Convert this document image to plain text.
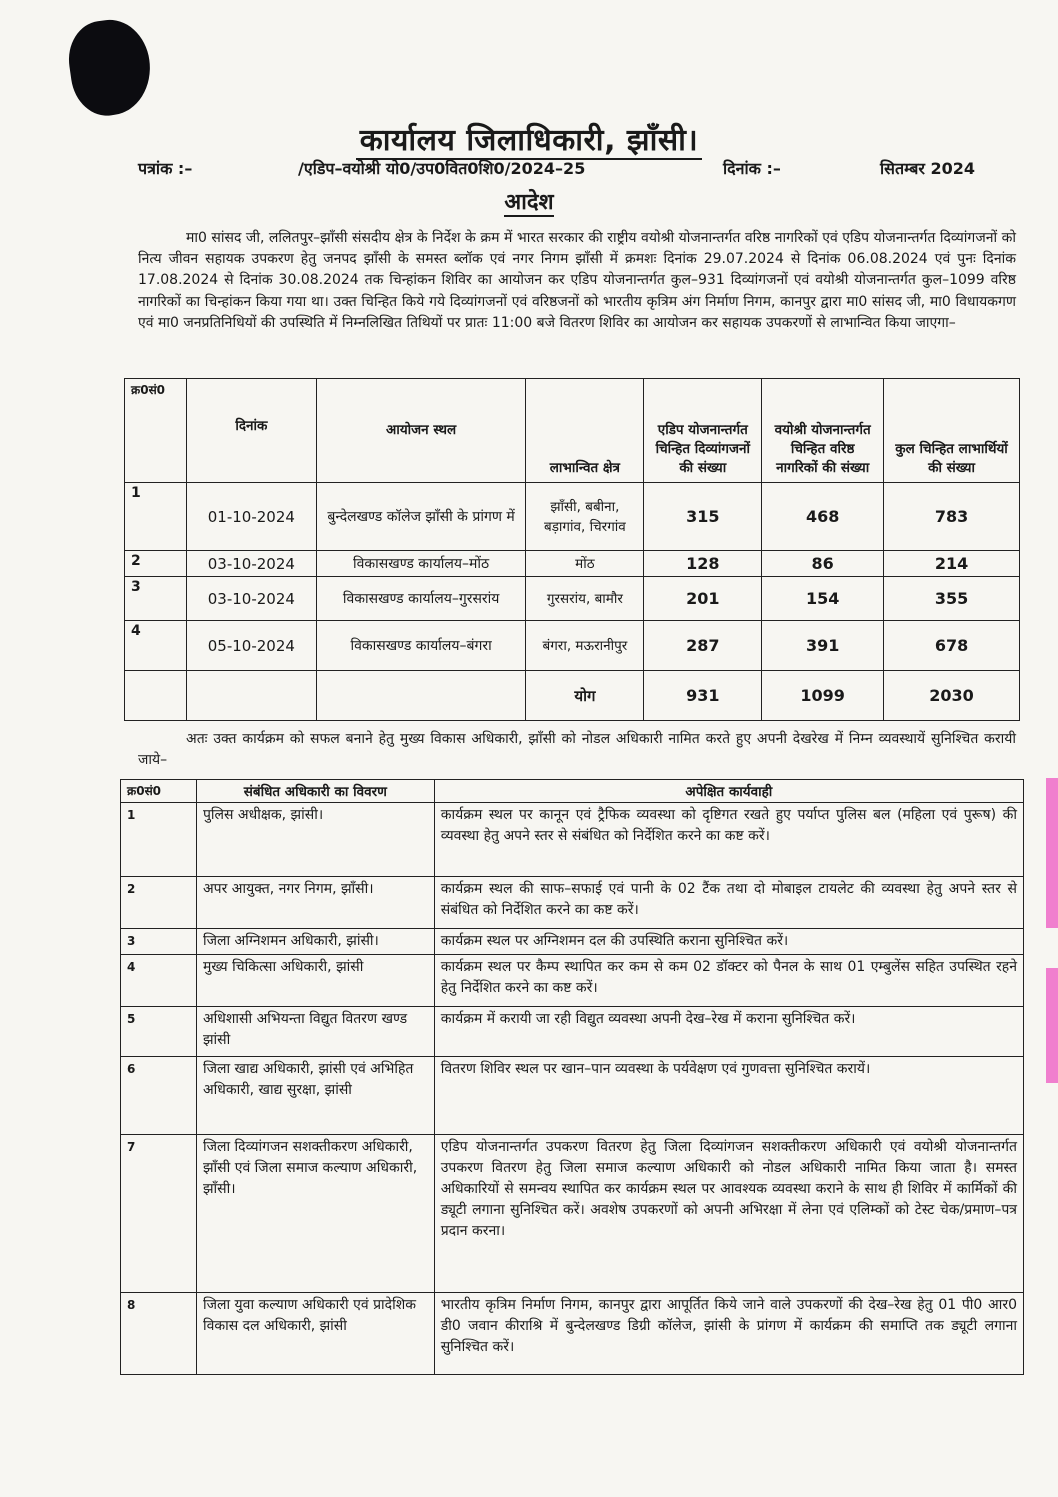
कार्यालय जिलाधिकारी, झाँसी।
पत्रांक :–	/एडिप–वयोश्री यो0/उप0वित0शि0/2024–25	दिनांक :–	सितम्बर 2024
आदेश

मा0 सांसद जी, ललितपुर–झाँसी संसदीय क्षेत्र के निर्देश के क्रम में भारत सरकार की राष्ट्रीय वयोश्री योजनान्तर्गत वरिष्ठ नागरिकों एवं एडिप योजनान्तर्गत दिव्यांगजनों को नित्य जीवन सहायक उपकरण हेतु जनपद झाँसी के समस्त ब्लॉक एवं नगर निगम झाँसी में क्रमशः दिनांक 29.07.2024 से दिनांक 06.08.2024 एवं पुनः दिनांक 17.08.2024 से दिनांक 30.08.2024 तक चिन्हांकन शिविर का आयोजन कर एडिप योजनान्तर्गत कुल–931 दिव्यांगजनों एवं वयोश्री योजनान्तर्गत कुल–1099 वरिष्ठ नागरिकों का चिन्हांकन किया गया था। उक्त चिन्हित किये गये दिव्यांगजनों एवं वरिष्ठजनों को भारतीय कृत्रिम अंग निर्माण निगम, कानपुर द्वारा मा0 सांसद जी, मा0 विधायकगण एवं मा0 जनप्रतिनिधियों की उपस्थिति में निम्नलिखित तिथियों पर प्रातः 11:00 बजे वितरण शिविर का आयोजन कर सहायक उपकरणों से लाभान्वित किया जाएगा–

क्र0सं0	दिनांक	आयोजन स्थल	लाभान्वित क्षेत्र	एडिप योजनान्तर्गत चिन्हित दिव्यांगजनों की संख्या	वयोश्री योजनान्तर्गत चिन्हित वरिष्ठ नागरिकों की संख्या	कुल चिन्हित लाभार्थियों की संख्या
1	01-10-2024	बुन्देलखण्ड कॉलेज झाँसी के प्रांगण में	झाँसी, बबीना, बड़ागांव, चिरगांव	315	468	783
2	03-10-2024	विकासखण्ड कार्यालय–मोंठ	मोंठ	128	86	214
3	03-10-2024	विकासखण्ड कार्यालय–गुरसरांय	गुरसरांय, बामौर	201	154	355
4	05-10-2024	विकासखण्ड कार्यालय–बंगरा	बंगरा, मऊरानीपुर	287	391	678
			योग	931	1099	2030

अतः उक्त कार्यक्रम को सफल बनाने हेतु मुख्य विकास अधिकारी, झाँसी को नोडल अधिकारी नामित करते हुए अपनी देखरेख में निम्न व्यवस्थायें सुनिश्चित करायी जाये–

क्र0सं0	संबंधित अधिकारी का विवरण	अपेक्षित कार्यवाही
1	पुलिस अधीक्षक, झांसी।	कार्यक्रम स्थल पर कानून एवं ट्रैफिक व्यवस्था को दृष्टिगत रखते हुए पर्याप्त पुलिस बल (महिला एवं पुरूष) की व्यवस्था हेतु अपने स्तर से संबंधित को निर्देशित करने का कष्ट करें।
2	अपर आयुक्त, नगर निगम, झाँसी।	कार्यक्रम स्थल की साफ–सफाई एवं पानी के 02 टैंक तथा दो मोबाइल टायलेट की व्यवस्था हेतु अपने स्तर से संबंधित को निर्देशित करने का कष्ट करें।
3	जिला अग्निशमन अधिकारी, झांसी।	कार्यक्रम स्थल पर अग्निशमन दल की उपस्थिति कराना सुनिश्चित करें।
4	मुख्य चिकित्सा अधिकारी, झांसी	कार्यक्रम स्थल पर कैम्प स्थापित कर कम से कम 02 डॉक्टर को पैनल के साथ 01 एम्बुलेंस सहित उपस्थित रहने हेतु निर्देशित करने का कष्ट करें।
5	अधिशासी अभियन्ता विद्युत वितरण खण्ड झांसी	कार्यक्रम में करायी जा रही विद्युत व्यवस्था अपनी देख–रेख में कराना सुनिश्चित करें।
6	जिला खाद्य अधिकारी, झांसी एवं अभिहित अधिकारी, खाद्य सुरक्षा, झांसी	वितरण शिविर स्थल पर खान–पान व्यवस्था के पर्यवेक्षण एवं गुणवत्ता सुनिश्चित करायें।
7	जिला दिव्यांगजन सशक्तीकरण अधिकारी, झाँसी एवं जिला समाज कल्याण अधिकारी, झाँसी।	एडिप योजनान्तर्गत उपकरण वितरण हेतु जिला दिव्यांगजन सशक्तीकरण अधिकारी एवं वयोश्री योजनान्तर्गत उपकरण वितरण हेतु जिला समाज कल्याण अधिकारी को नोडल अधिकारी नामित किया जाता है। समस्त अधिकारियों से समन्वय स्थापित कर कार्यक्रम स्थल पर आवश्यक व्यवस्था कराने के साथ ही शिविर में कार्मिकों की ड्यूटी लगाना सुनिश्चित करें। अवशेष उपकरणों को अपनी अभिरक्षा में लेना एवं एलिम्कों को टेस्ट चेक/प्रमाण–पत्र प्रदान करना।
8	जिला युवा कल्याण अधिकारी एवं प्रादेशिक विकास दल अधिकारी, झांसी	भारतीय कृत्रिम निर्माण निगम, कानपुर द्वारा आपूर्तित किये जाने वाले उपकरणों की देख–रेख हेतु 01 पी0 आर0 डी0 जवान कीराश्रि में बुन्देलखण्ड डिग्री कॉलेज, झांसी के प्रांगण में कार्यक्रम की समाप्ति तक ड्यूटी लगाना सुनिश्चित करें।
